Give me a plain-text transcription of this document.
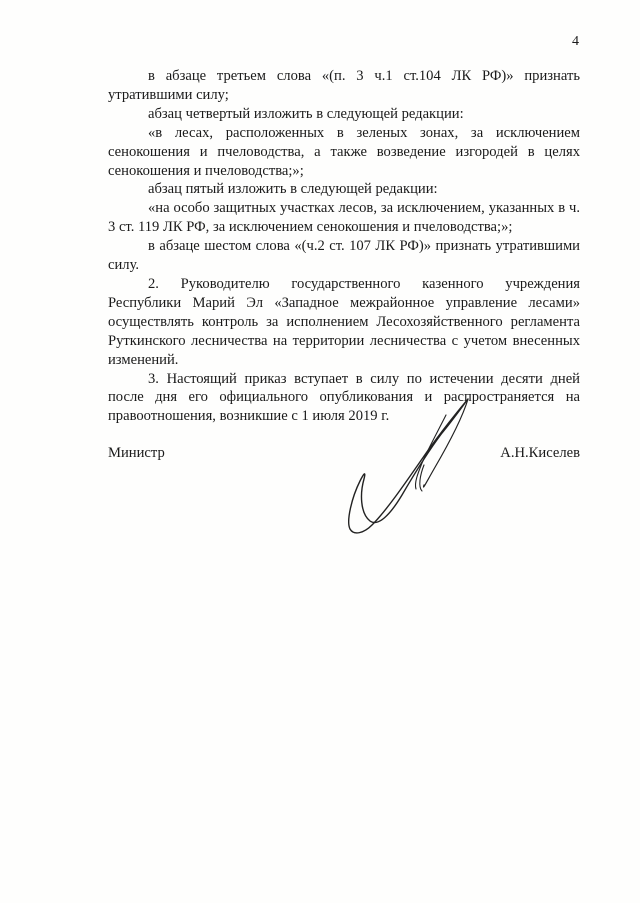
4

в абзаце третьем слова «(п. 3 ч.1 ст.104 ЛК РФ)» признать утратившими силу;

абзац четвертый изложить в следующей редакции:

«в лесах, расположенных в зеленых зонах, за исключением сенокошения и пчеловодства, а также возведение изгородей в целях сенокошения и пчеловодства;»;

абзац пятый изложить в следующей редакции:

«на особо защитных участках лесов, за исключением, указанных в ч. 3 ст. 119 ЛК РФ, за исключением сенокошения и пчеловодства;»;

в абзаце шестом слова «(ч.2 ст. 107 ЛК РФ)» признать утратившими силу.

2. Руководителю государственного казенного учреждения Республики Марий Эл «Западное межрайонное управление лесами» осуществлять контроль за исполнением Лесохозяйственного регламента Руткинского лесничества на территории лесничества с учетом внесенных изменений.

3. Настоящий приказ вступает в силу по истечении десяти дней после дня его официального опубликования и распространяется на правоотношения, возникшие с 1 июля 2019 г.

Министр	А.Н.Киселев
